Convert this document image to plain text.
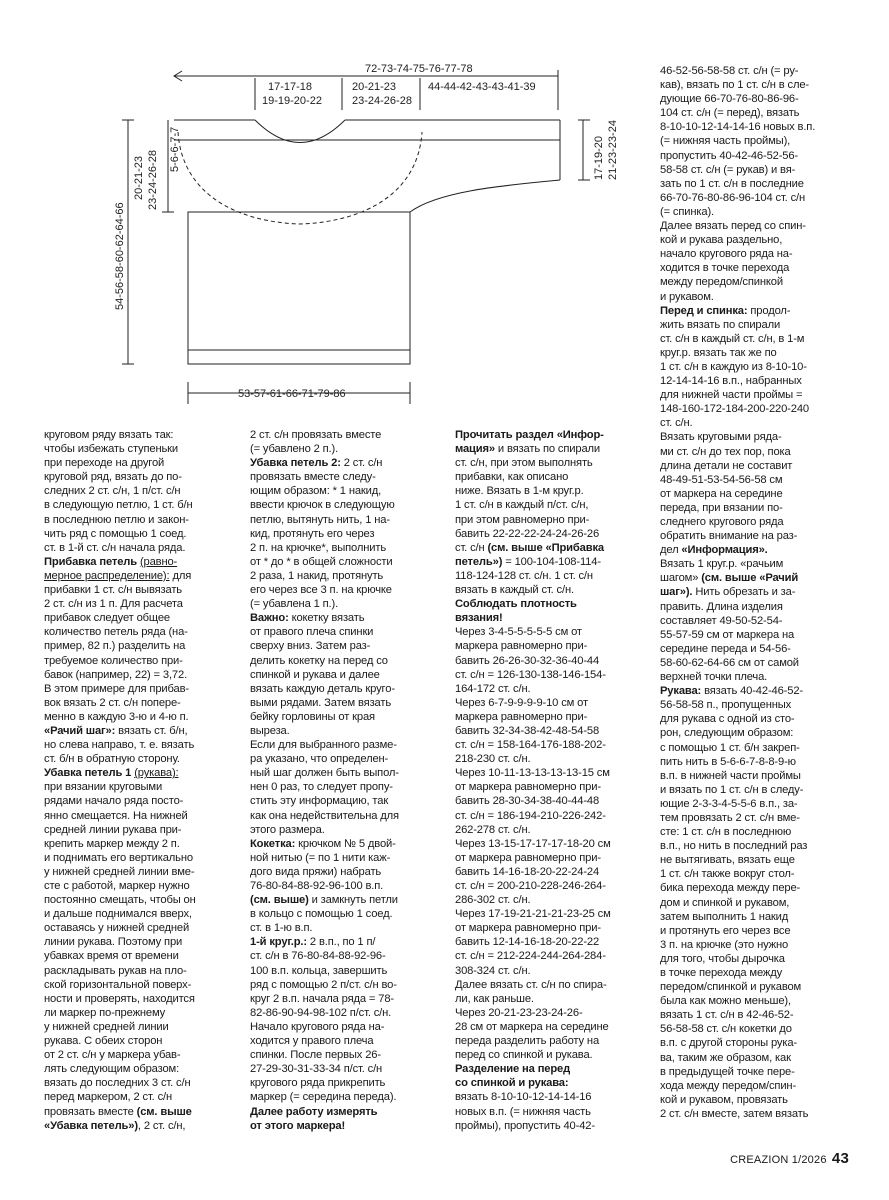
72-73-74-75-76-77-78
17-17-18
19-19-20-22
20-21-23
23-24-26-28
44-44-42-43-43-41-39
54-56-58-60-62-64-66
20-21-23 23-24-26-28
5-6-6-7-7	17-19-20 21-23-23-24
53-57-61-66-71-79-86

круговом ряду вязать так:

чтобы избежать ступеньки

при переходе на другой

круговой ряд, вязать до по-

следних 2 ст. с/н, 1 п/ст. с/н

в следующую петлю, 1 ст. б/н

в последнюю петлю и закон-

чить ряд с помощью 1 соед.

ст. в 1-й ст. с/н начала ряда.

Прибавка петель (равно-

мерное распределение): для

прибавки 1 ст. с/н вывязать

2 ст. с/н из 1 п. Для расчета

прибавок следует общее

количество петель ряда (на-

пример, 82 п.) разделить на

требуемое количество при-

бавок (например, 22) = 3,72.

В этом примере для прибав-

вок вязать 2 ст. с/н попере-

менно в каждую 3-ю и 4-ю п.

«Рачий шаг»: вязать ст. б/н,

но слева направо, т. е. вязать

ст. б/н в обратную сторону.

Убавка петель 1 (рукава):

при вязании круговыми

рядами начало ряда посто-

янно смещается. На нижней

средней линии рукава при-

крепить маркер между 2 п.

и поднимать его вертикально

у нижней средней линии вме-

сте с работой, маркер нужно

постоянно смещать, чтобы он

и дальше поднимался вверх,

оставаясь у нижней средней

линии рукава. Поэтому при

убавках время от времени

раскладывать рукав на пло-

ской горизонтальной поверх-

ности и проверять, находится

ли маркер по-прежнему

у нижней средней линии

рукава. С обеих сторон

от 2 ст. с/н у маркера убав-

лять следующим образом:

вязать до последних 3 ст. с/н

перед маркером, 2 ст. с/н

провязать вместе (см. выше

«Убавка петель»), 2 ст. с/н,

2 ст. с/н провязать вместе

(= убавлено 2 п.).

Убавка петель 2: 2 ст. с/н

провязать вместе следу-

ющим образом: * 1 накид,

ввести крючок в следующую

петлю, вытянуть нить, 1 на-

кид, протянуть его через

2 п. на крючке*, выполнить

от * до * в общей сложности

2 раза, 1 накид, протянуть

его через все 3 п. на крючке

(= убавлена 1 п.).

Важно: кокетку вязать

от правого плеча спинки

сверху вниз. Затем раз-

делить кокетку на перед со

спинкой и рукава и далее

вязать каждую деталь круго-

выми рядами. Затем вязать

бейку горловины от края

выреза.

Если для выбранного разме-

ра указано, что определен-

ный шаг должен быть выпол-

нен 0 раз, то следует пропу-

стить эту информацию, так

как она недействительна для

этого размера.

Кокетка: крючком № 5 двой-

ной нитью (= по 1 нити каж-

дого вида пряжи) набрать

76-80-84-88-92-96-100 в.п.

(см. выше) и замкнуть петли

в кольцо с помощью 1 соед.

ст. в 1-ю в.п.

1-й круг.р.: 2 в.п., по 1 п/

ст. с/н в 76-80-84-88-92-96-

100 в.п. кольца, завершить

ряд с помощью 2 п/ст. с/н во-

круг 2 в.п. начала ряда = 78-

82-86-90-94-98-102 п/ст. с/н.

Начало кругового ряда на-

ходится у правого плеча

спинки. После первых 26-

27-29-30-31-33-34 п/ст. с/н

кругового ряда прикрепить

маркер (= середина переда).

Далее работу измерять

от этого маркера!

Прочитать раздел «Инфор-

мация» и вязать по спирали

ст. с/н, при этом выполнять

прибавки, как описано

ниже. Вязать в 1-м круг.р.

1 ст. с/н в каждый п/ст. с/н,

при этом равномерно при-

бавить 22-22-22-24-24-26-26

ст. с/н (см. выше «Прибавка

петель») = 100-104-108-114-

118-124-128 ст. с/н. 1 ст. с/н

вязать в каждый ст. с/н.

Соблюдать плотность

вязания!

Через 3-4-5-5-5-5-5 см от

маркера равномерно при-

бавить 26-26-30-32-36-40-44

ст. с/н = 126-130-138-146-154-

164-172 ст. с/н.

Через 6-7-9-9-9-9-10 см от

маркера равномерно при-

бавить 32-34-38-42-48-54-58

ст. с/н = 158-164-176-188-202-

218-230 ст. с/н.

Через 10-11-13-13-13-13-15 см

от маркера равномерно при-

бавить 28-30-34-38-40-44-48

ст. с/н = 186-194-210-226-242-

262-278 ст. с/н.

Через 13-15-17-17-17-18-20 см

от маркера равномерно при-

бавить 14-16-18-20-22-24-24

ст. с/н = 200-210-228-246-264-

286-302 ст. с/н.

Через 17-19-21-21-21-23-25 см

от маркера равномерно при-

бавить 12-14-16-18-20-22-22

ст. с/н = 212-224-244-264-284-

308-324 ст. с/н.

Далее вязать ст. с/н по спира-

ли, как раньше.

Через 20-21-23-23-24-26-

28 см от маркера на середине

переда разделить работу на

перед со спинкой и рукава.

Разделение на перед

со спинкой и рукава:

вязать 8-10-10-12-14-14-16

новых в.п. (= нижняя часть

проймы), пропустить 40-42-

46-52-56-58-58 ст. с/н (= ру-

кав), вязать по 1 ст. с/н в сле-

дующие 66-70-76-80-86-96-

104 ст. с/н (= перед), вязать

8-10-10-12-14-14-16 новых в.п.

(= нижняя часть проймы),

пропустить 40-42-46-52-56-

58-58 ст. с/н (= рукав) и вя-

зать по 1 ст. с/н в последние

66-70-76-80-86-96-104 ст. с/н

(= спинка).

Далее вязать перед со спин-

кой и рукава раздельно,

начало кругового ряда на-

ходится в точке перехода

между передом/спинкой

и рукавом.

Перед и спинка: продол-

жить вязать по спирали

ст. с/н в каждый ст. с/н, в 1-м

круг.р. вязать так же по

1 ст. с/н в каждую из 8-10-10-

12-14-14-16 в.п., набранных

для нижней части проймы =

148-160-172-184-200-220-240

ст. с/н.

Вязать круговыми ряда-

ми ст. с/н до тех пор, пока

длина детали не составит

48-49-51-53-54-56-58 см

от маркера на середине

переда, при вязании по-

следнего кругового ряда

обратить внимание на раз-

дел «Информация».

Вязать 1 круг.р. «рачьим

шагом» (см. выше «Рачий

шаг»). Нить обрезать и за-

править. Длина изделия

составляет 49-50-52-54-

55-57-59 см от маркера на

середине переда и 54-56-

58-60-62-64-66 см от самой

верхней точки плеча.

Рукава: вязать 40-42-46-52-

56-58-58 п., пропущенных

для рукава с одной из сто-

рон, следующим образом:

с помощью 1 ст. б/н закреп-

пить нить в 5-6-6-7-8-8-9-ю

в.п. в нижней части проймы

и вязать по 1 ст. с/н в следу-

ющие 2-3-3-4-5-5-6 в.п., за-

тем провязать 2 ст. с/н вме-

сте: 1 ст. с/н в последнюю

в.п., но нить в последний раз

не вытягивать, вязать еще

1 ст. с/н также вокруг стол-

бика перехода между пере-

дом и спинкой и рукавом,

затем выполнить 1 накид

и протянуть его через все

3 п. на крючке (это нужно

для того, чтобы дырочка

в точке перехода между

передом/спинкой и рукавом

была как можно меньше),

вязать 1 ст. с/н в 42-46-52-

56-58-58 ст. с/н кокетки до

в.п. с другой стороны рука-

ва, таким же образом, как

в предыдущей точке пере-

хода между передом/спин-

кой и рукавом, провязать

2 ст. с/н вместе, затем вязать

CREAZION 1/2026 43
